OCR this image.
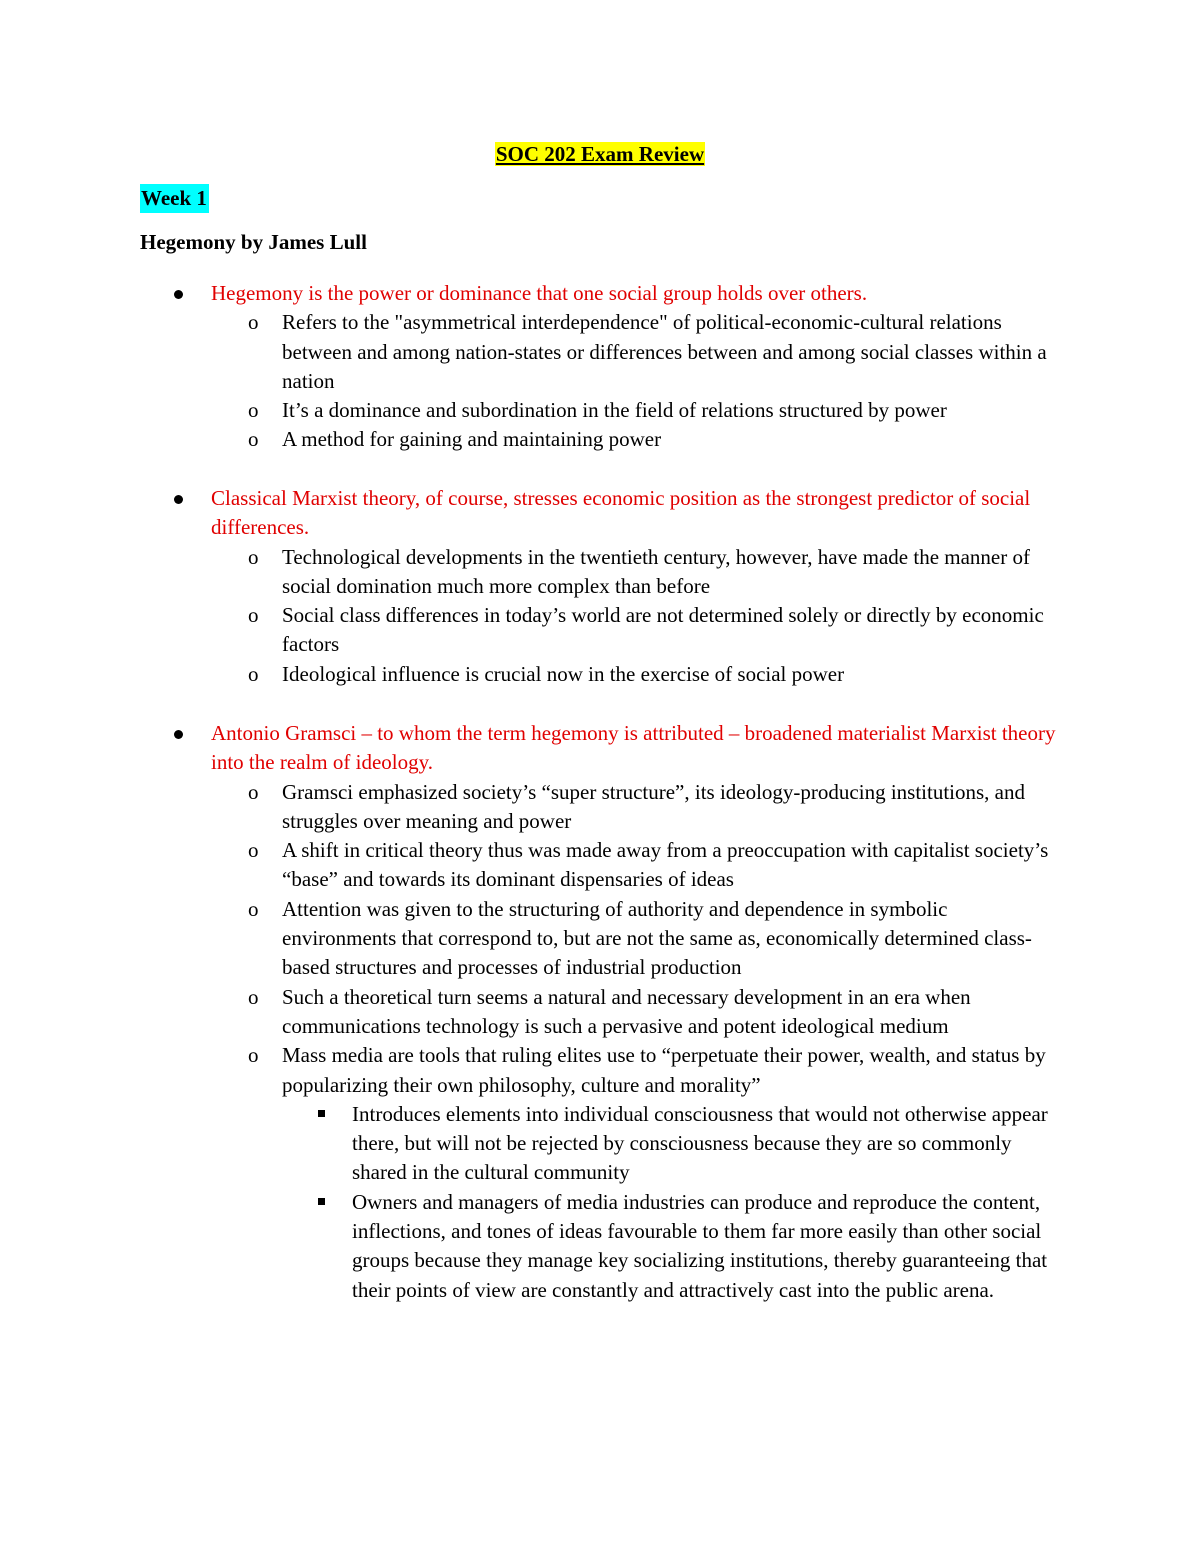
SOC 202 Exam Review
Week 1
Hegemony by James Lull
Hegemony is the power or dominance that one social group holds over others.
o Refers to the "asymmetrical interdependence" of political-economic-cultural relations between and among nation-states or differences between and among social classes within a nation
o It’s a dominance and subordination in the field of relations structured by power
o A method for gaining and maintaining power
Classical Marxist theory, of course, stresses economic position as the strongest predictor of social differences.
o Technological developments in the twentieth century, however, have made the manner of social domination much more complex than before
o Social class differences in today’s world are not determined solely or directly by economic factors
o Ideological influence is crucial now in the exercise of social power
Antonio Gramsci – to whom the term hegemony is attributed – broadened materialist Marxist theory into the realm of ideology.
o Gramsci emphasized society’s “super structure”, its ideology-producing institutions, and struggles over meaning and power
o A shift in critical theory thus was made away from a preoccupation with capitalist society’s “base” and towards its dominant dispensaries of ideas
o Attention was given to the structuring of authority and dependence in symbolic environments that correspond to, but are not the same as, economically determined class-based structures and processes of industrial production
o Such a theoretical turn seems a natural and necessary development in an era when communications technology is such a pervasive and potent ideological medium
o Mass media are tools that ruling elites use to “perpetuate their power, wealth, and status by popularizing their own philosophy, culture and morality”
Introduces elements into individual consciousness that would not otherwise appear there, but will not be rejected by consciousness because they are so commonly shared in the cultural community
Owners and managers of media industries can produce and reproduce the content, inflections, and tones of ideas favourable to them far more easily than other social groups because they manage key socializing institutions, thereby guaranteeing that their points of view are constantly and attractively cast into the public arena.
